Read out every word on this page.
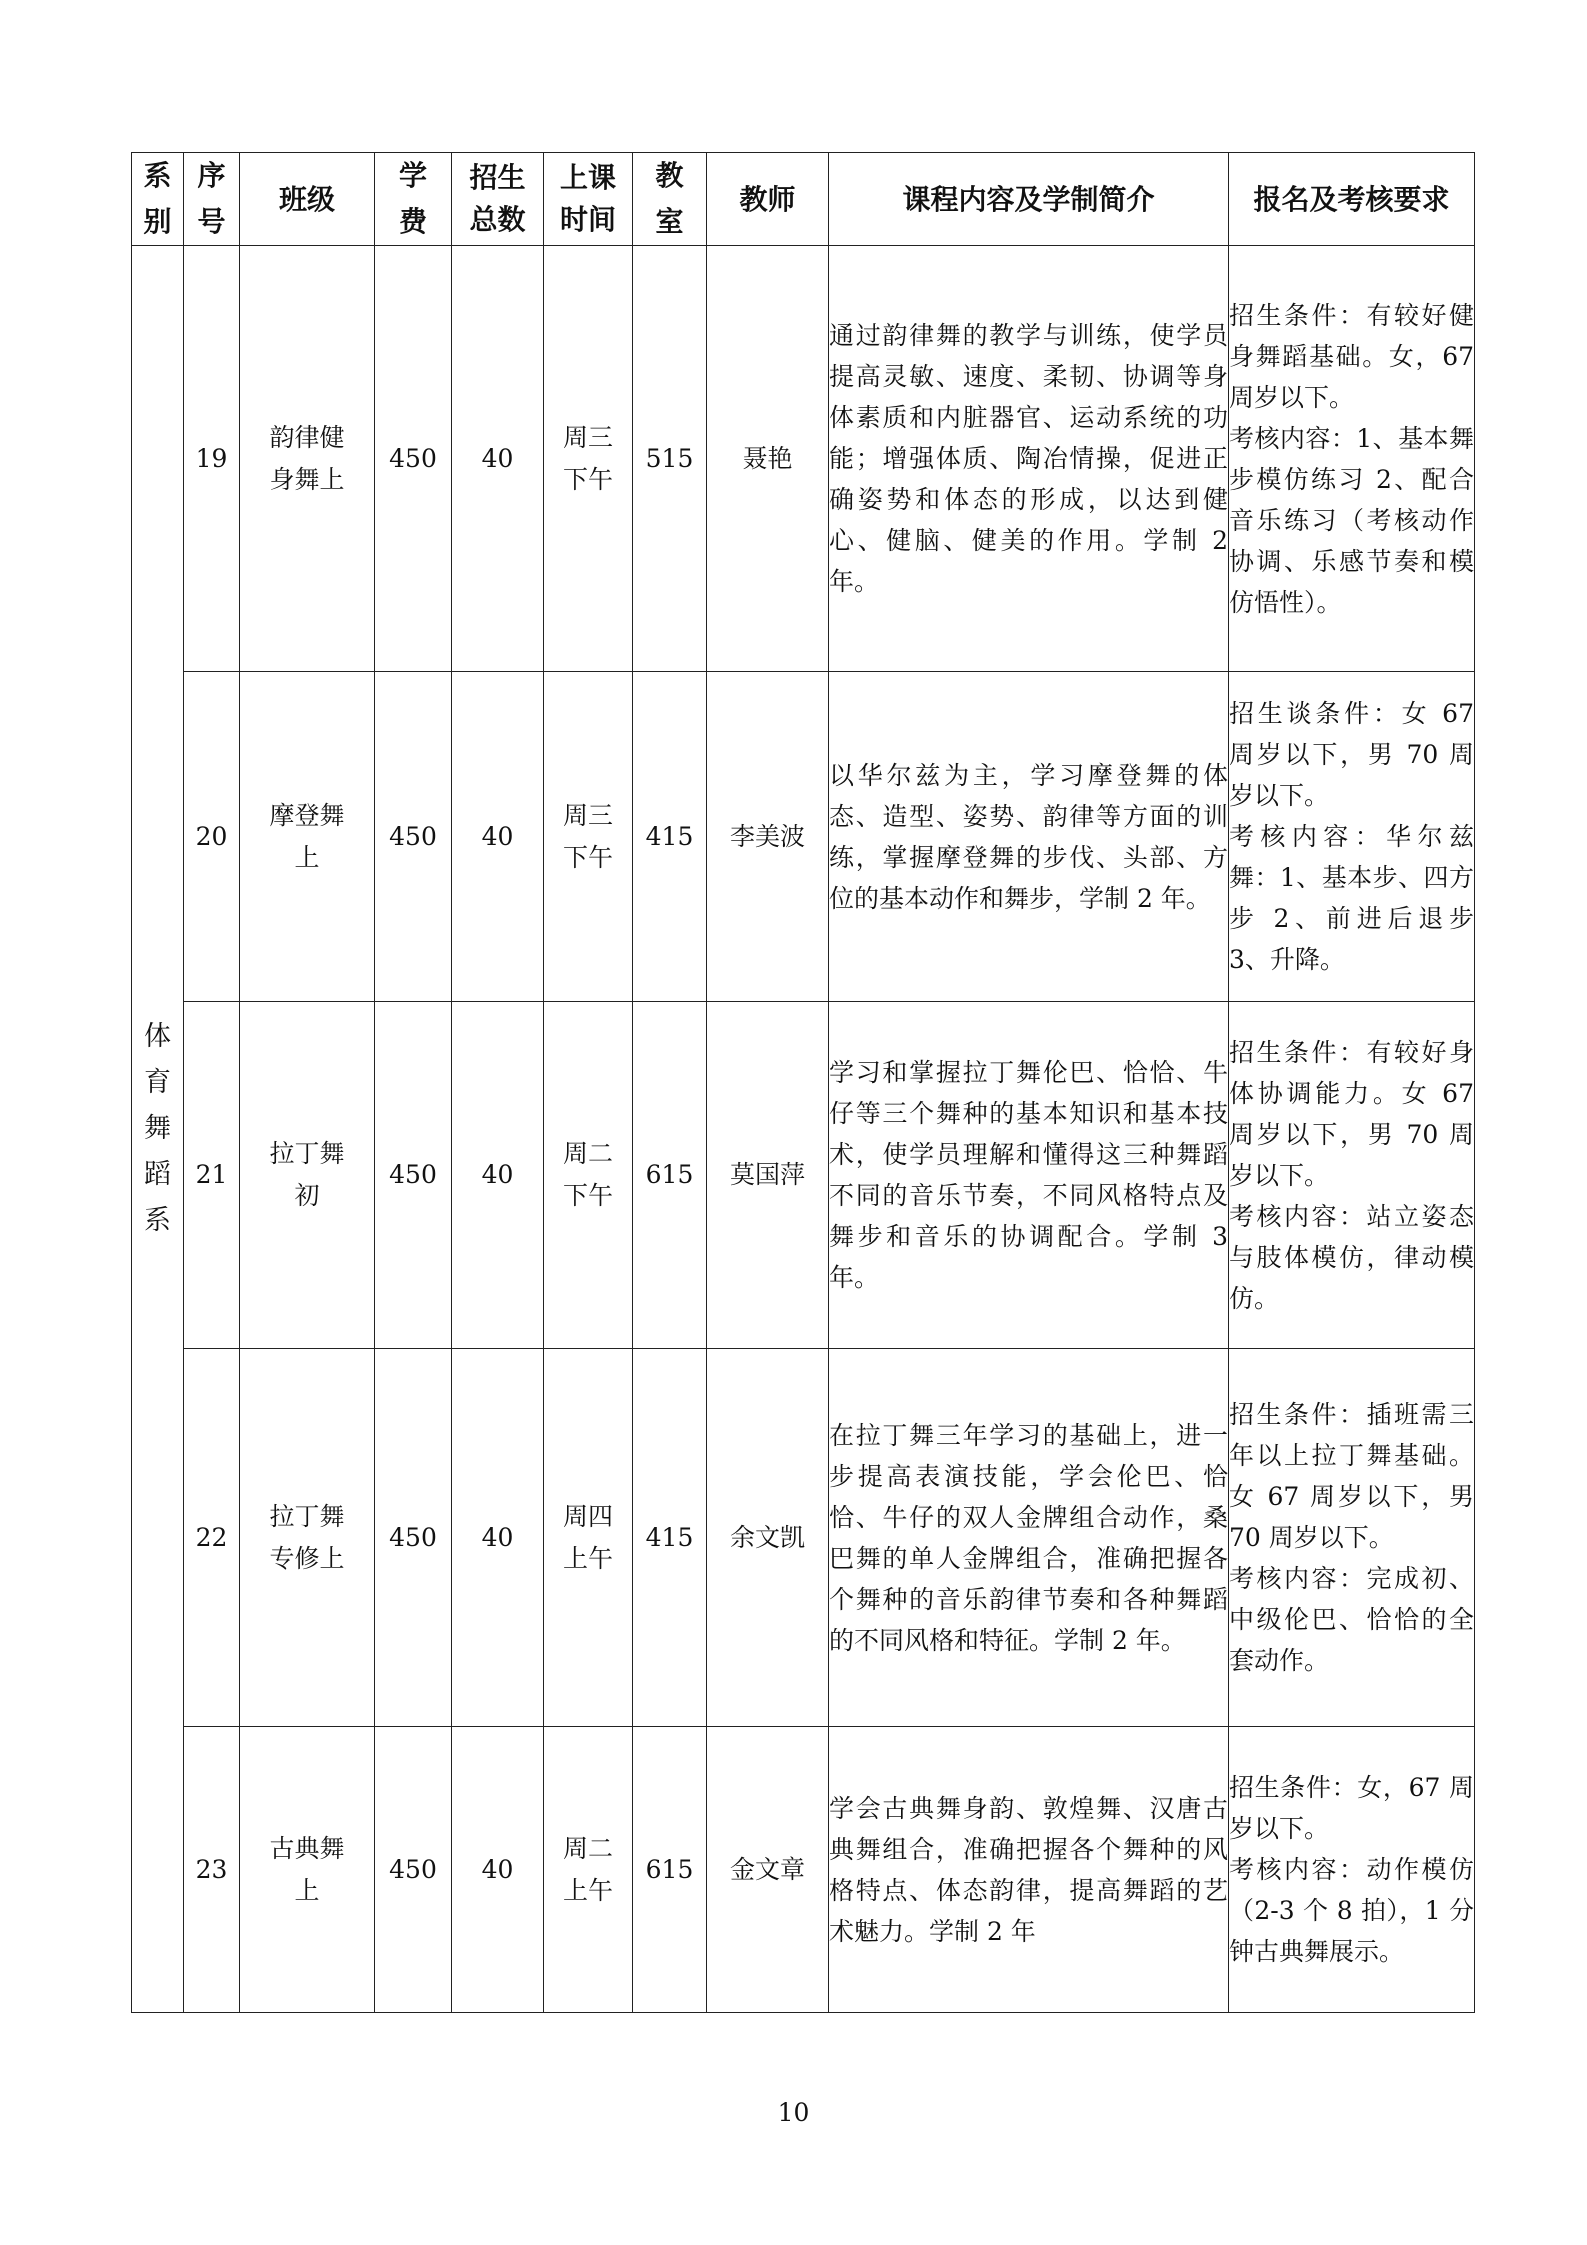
系别	序号	班级	学费	招生总数	上课时间	教室	教师	课程内容及学制简介	报名及考核要求
体育舞蹈系	19	韵律健身舞上	450	40	周三下午	515	聂艳	通过韵律舞的教学与训练，使学员提高灵敏、速度、柔韧、协调等身体素质和内脏器官、运动系统的功能；增强体质、陶冶情操，促进正确姿势和体态的形成，以达到健心、健脑、健美的作用。学制 2 年。	招生条件：有较好健身舞蹈基础。女，67 周岁以下。
考核内容：1、基本舞步模仿练习 2、配合音乐练习（考核动作协调、乐感节奏和模仿悟性）。
	20	摩登舞上	450	40	周三下午	415	李美波	以华尔兹为主，学习摩登舞的体态、造型、姿势、韵律等方面的训练，掌握摩登舞的步伐、头部、方位的基本动作和舞步，学制 2 年。	招生谈条件：女 67 周岁以下，男 70 周岁以下。
考核内容：华尔兹舞：1、基本步、四方步 2、前进后退步 3、升降。
	21	拉丁舞初	450	40	周二下午	615	莫国萍	学习和掌握拉丁舞伦巴、恰恰、牛仔等三个舞种的基本知识和基本技术，使学员理解和懂得这三种舞蹈不同的音乐节奏，不同风格特点及舞步和音乐的协调配合。学制 3 年。	招生条件：有较好身体协调能力。女 67 周岁以下，男 70 周岁以下。
考核内容：站立姿态与肢体模仿，律动模仿。
	22	拉丁舞专修上	450	40	周四上午	415	余文凯	在拉丁舞三年学习的基础上，进一步提高表演技能，学会伦巴、恰恰、牛仔的双人金牌组合动作，桑巴舞的单人金牌组合，准确把握各个舞种的音乐韵律节奏和各种舞蹈的不同风格和特征。学制 2 年。	招生条件：插班需三年以上拉丁舞基础。女 67 周岁以下，男 70 周岁以下。
考核内容：完成初、中级伦巴、恰恰的全套动作。
	23	古典舞上	450	40	周二上午	615	金文章	学会古典舞身韵、敦煌舞、汉唐古典舞组合，准确把握各个舞种的风格特点、体态韵律，提高舞蹈的艺术魅力。学制 2 年	招生条件：女，67 周岁以下。
考核内容：动作模仿（2-3 个 8 拍），1 分钟古典舞展示。
10
